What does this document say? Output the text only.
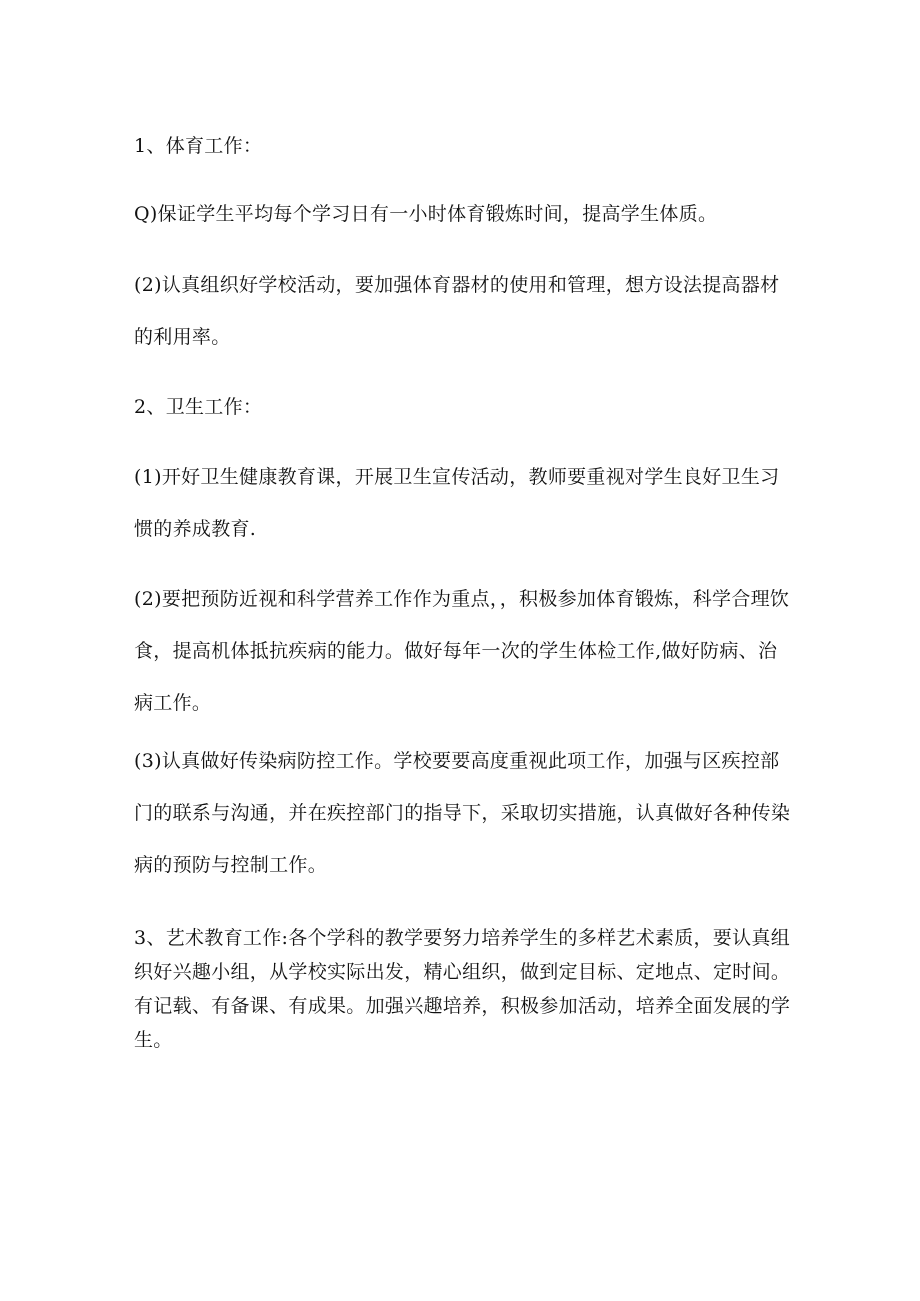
1、体育工作：

Q)保证学生平均每个学习日有一小时体育锻炼时间，提高学生体质。

(2)认真组织好学校活动，要加强体育器材的使用和管理，想方设法提高器材的利用率。

2、卫生工作：

(1)开好卫生健康教育课，开展卫生宣传活动，教师要重视对学生良好卫生习惯的养成教育.

(2)要把预防近视和科学营养工作作为重点，，积极参加体育锻炼，科学合理饮食，提高机体抵抗疾病的能力。做好每年一次的学生体检工作,做好防病、治病工作。

(3)认真做好传染病防控工作。学校要要高度重视此项工作，加强与区疾控部门的联系与沟通，并在疾控部门的指导下，采取切实措施，认真做好各种传染病的预防与控制工作。

3、艺术教育工作:各个学科的教学要努力培养学生的多样艺术素质，要认真组织好兴趣小组，从学校实际出发，精心组织，做到定目标、定地点、定时间。有记载、有备课、有成果。加强兴趣培养，积极参加活动，培养全面发展的学生。
